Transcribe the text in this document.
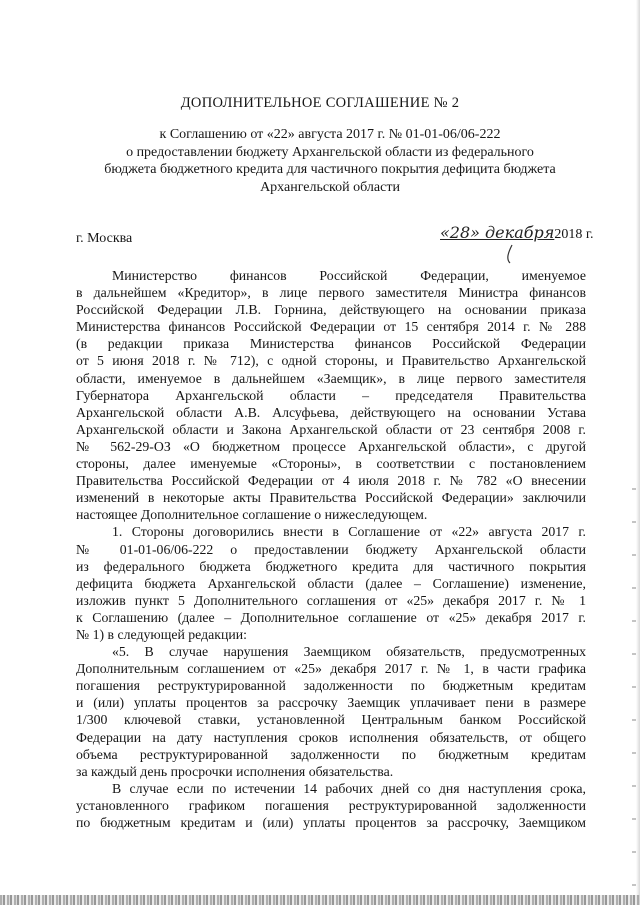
ДОПОЛНИТЕЛЬНОЕ СОГЛАШЕНИЕ № 2
к Соглашению от «22» августа 2017 г. № 01-01-06/06-222
о предоставлении бюджету Архангельской области из федерального
бюджета бюджетного кредита для частичного покрытия дефицита бюджета
Архангельской области
г. Москва	«28» декабря2018 г.
Министерство финансов Российской Федерации, именуемое
в дальнейшем «Кредитор», в лице первого заместителя Министра финансов
Российской Федерации Л.В. Горнина, действующего на основании приказа
Министерства финансов Российской Федерации от 15 сентября 2014 г. № 288
(в редакции приказа Министерства финансов Российской Федерации
от 5 июня 2018 г. № 712), с одной стороны, и Правительство Архангельской
области, именуемое в дальнейшем «Заемщик», в лице первого заместителя
Губернатора Архангельской области – председателя Правительства
Архангельской области А.В. Алсуфьева, действующего на основании Устава
Архангельской области и Закона Архангельской области от 23 сентября 2008 г.
№ 562-29-ОЗ «О бюджетном процессе Архангельской области», с другой
стороны, далее именуемые «Стороны», в соответствии с постановлением
Правительства Российской Федерации от 4 июля 2018 г. № 782 «О внесении
изменений в некоторые акты Правительства Российской Федерации» заключили
настоящее Дополнительное соглашение о нижеследующем.
1. Стороны договорились внести в Соглашение от «22» августа 2017 г.
№ 01-01-06/06-222 о предоставлении бюджету Архангельской области
из федерального бюджета бюджетного кредита для частичного покрытия
дефицита бюджета Архангельской области (далее – Соглашение) изменение,
изложив пункт 5 Дополнительного соглашения от «25» декабря 2017 г. № 1
к Соглашению (далее – Дополнительное соглашение от «25» декабря 2017 г.
№ 1) в следующей редакции:
«5. В случае нарушения Заемщиком обязательств, предусмотренных
Дополнительным соглашением от «25» декабря 2017 г. № 1, в части графика
погашения реструктурированной задолженности по бюджетным кредитам
и (или) уплаты процентов за рассрочку Заемщик уплачивает пени в размере
1/300 ключевой ставки, установленной Центральным банком Российской
Федерации на дату наступления сроков исполнения обязательств, от общего
объема реструктурированной задолженности по бюджетным кредитам
за каждый день просрочки исполнения обязательства.
В случае если по истечении 14 рабочих дней со дня наступления срока,
установленного графиком погашения реструктурированной задолженности
по бюджетным кредитам и (или) уплаты процентов за рассрочку, Заемщиком
